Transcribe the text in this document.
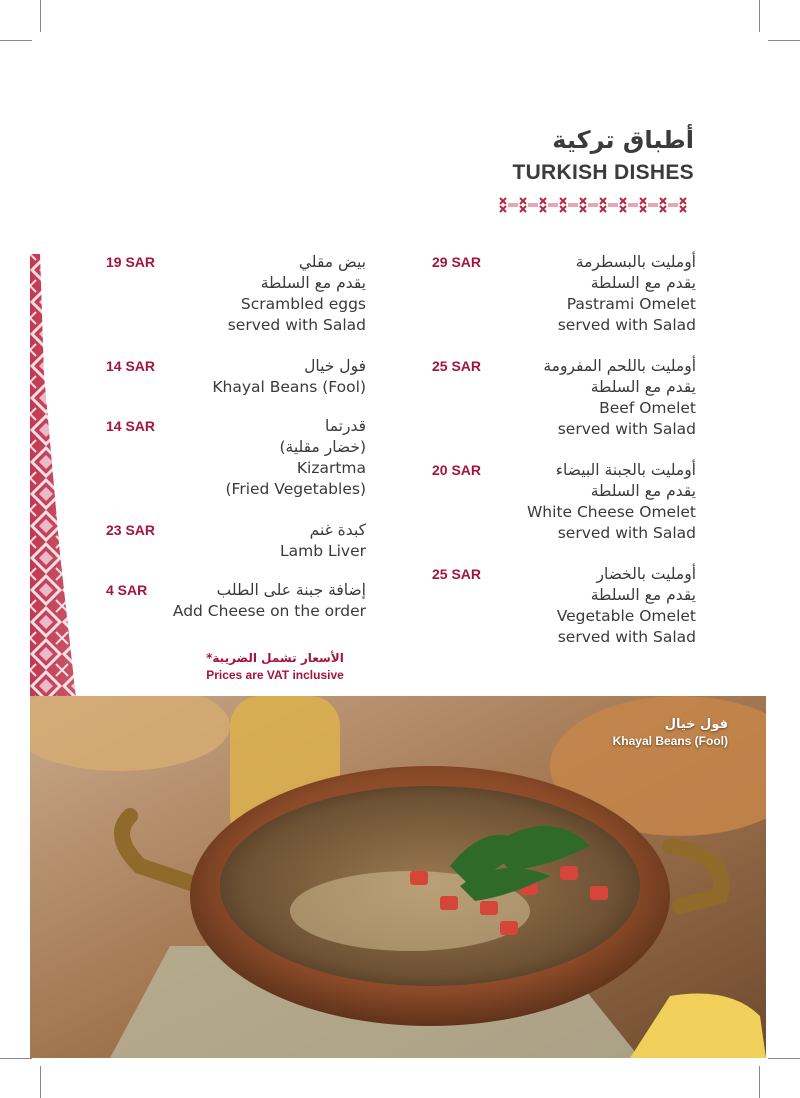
أطباق تركية
TURKISH DISHES
29 SAR	أومليت بالبسطرمة
يقدم مع السلطة
Pastrami Omelet
served with Salad
25 SAR	أومليت باللحم المفرومة
يقدم مع السلطة
Beef Omelet
served with Salad
20 SAR	أومليت بالجبنة البيضاء
يقدم مع السلطة
White Cheese Omelet
served with Salad
25 SAR	أومليت بالخضار
يقدم مع السلطة
Vegetable Omelet
served with Salad
19 SAR	بيض مقلي
يقدم مع السلطة
Scrambled eggs
served with Salad
14 SAR	فول خيال
Khayal Beans (Fool)
14 SAR	قدرتما
(خضار مقلية)
Kizartma
(Fried Vegetables)
23 SAR	كبدة غنم
Lamb Liver
4 SAR	إضافة جبنة على الطلب
Add Cheese on the order
الأسعار تشمل الضريبة*
Prices are VAT inclusive
فول خيال
Khayal Beans (Fool)
